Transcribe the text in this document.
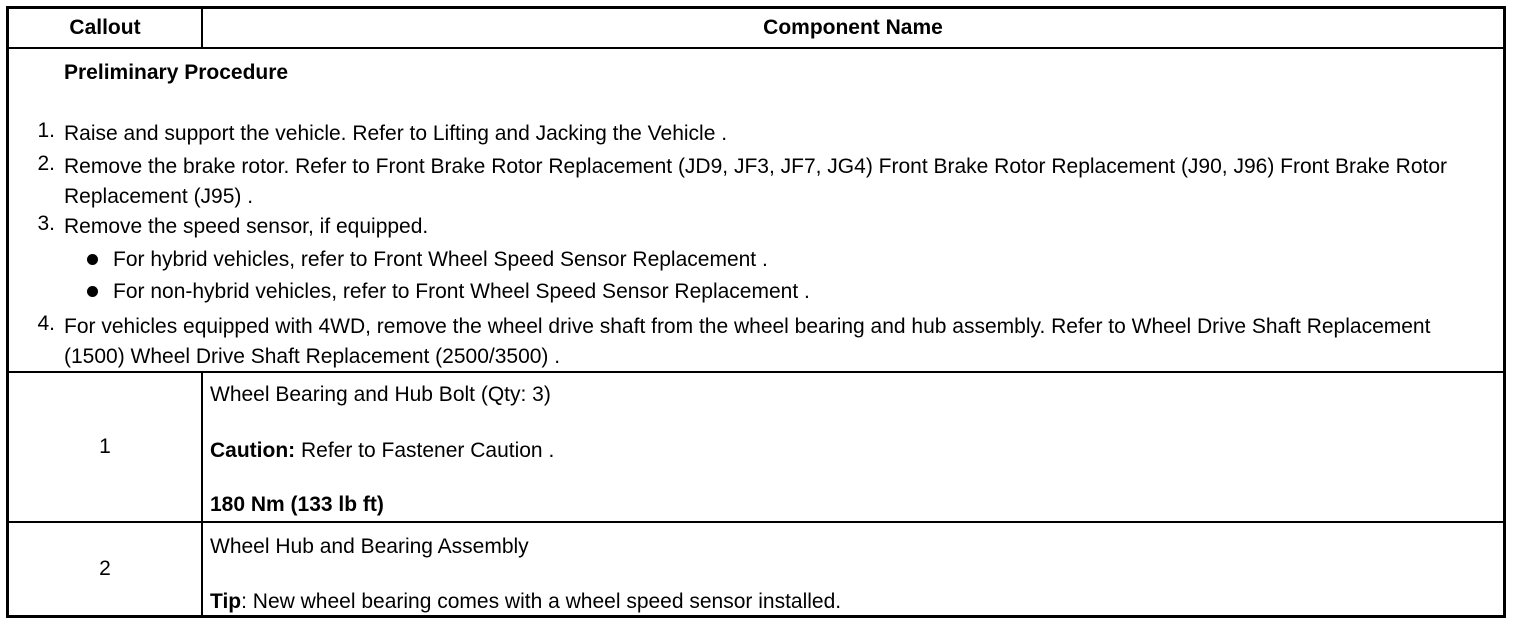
Callout	Component Name
Preliminary Procedure
1. Raise and support the vehicle. Refer to Lifting and Jacking the Vehicle .
2. Remove the brake rotor. Refer to Front Brake Rotor Replacement (JD9, JF3, JF7, JG4) Front Brake Rotor Replacement (J90, J96) Front Brake Rotor Replacement (J95) .
3. Remove the speed sensor, if equipped.
For hybrid vehicles, refer to Front Wheel Speed Sensor Replacement .
For non-hybrid vehicles, refer to Front Wheel Speed Sensor Replacement .
4. For vehicles equipped with 4WD, remove the wheel drive shaft from the wheel bearing and hub assembly. Refer to Wheel Drive Shaft Replacement (1500) Wheel Drive Shaft Replacement (2500/3500) .
1
Wheel Bearing and Hub Bolt (Qty: 3)
Caution: Refer to Fastener Caution .
180 Nm (133 lb ft)
2
Wheel Hub and Bearing Assembly
Tip: New wheel bearing comes with a wheel speed sensor installed.
